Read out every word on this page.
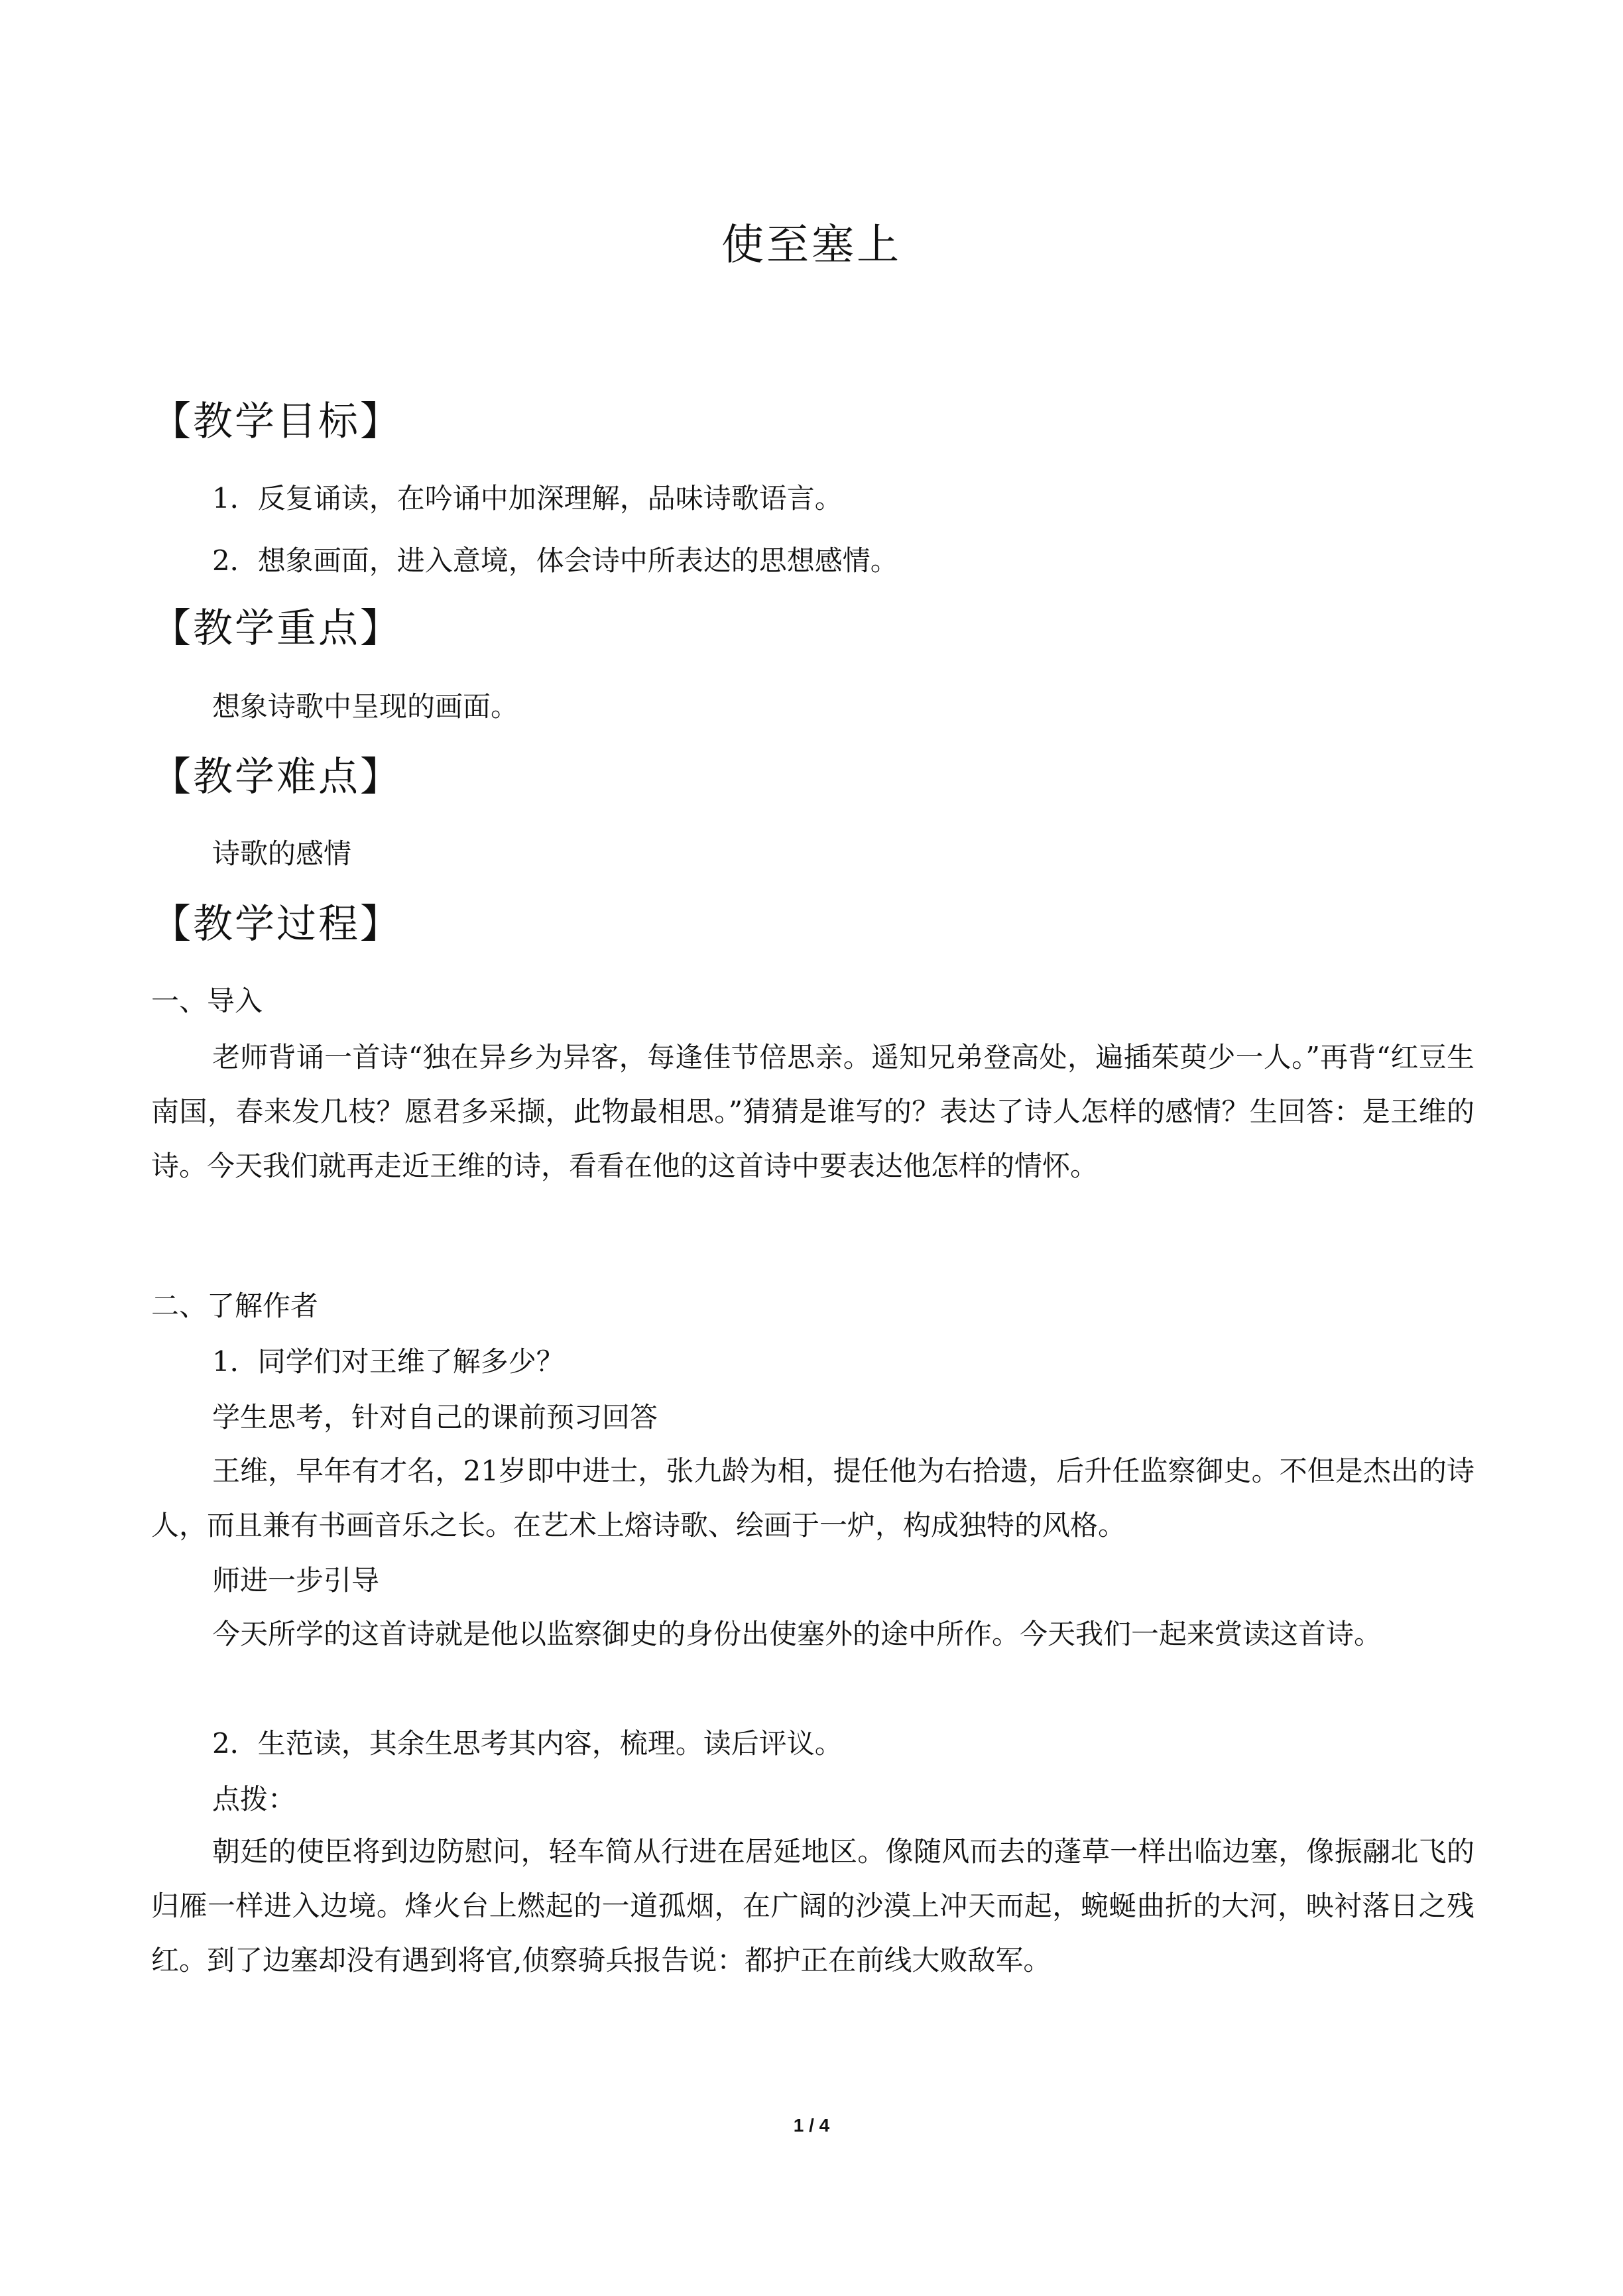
使至塞上
【教学目标】
1．反复诵读，在吟诵中加深理解，品味诗歌语言。
2．想象画面，进入意境，体会诗中所表达的思想感情。
【教学重点】
想象诗歌中呈现的画面。
【教学难点】
诗歌的感情
【教学过程】
一、导入
老师背诵一首诗“独在异乡为异客，每逢佳节倍思亲。遥知兄弟登高处，遍插茱萸少一人。”再背“红豆生南国，春来发几枝？愿君多采撷，此物最相思。”猜猜是谁写的？表达了诗人怎样的感情？生回答：是王维的诗。今天我们就再走近王维的诗，看看在他的这首诗中要表达他怎样的情怀。
二、了解作者
1．同学们对王维了解多少？
学生思考，针对自己的课前预习回答
王维，早年有才名，21岁即中进士，张九龄为相，提任他为右拾遗，后升任监察御史。不但是杰出的诗人，而且兼有书画音乐之长。在艺术上熔诗歌、绘画于一炉，构成独特的风格。
师进一步引导
今天所学的这首诗就是他以监察御史的身份出使塞外的途中所作。今天我们一起来赏读这首诗。
2．生范读，其余生思考其内容，梳理。读后评议。
点拨：
朝廷的使臣将到边防慰问，轻车简从行进在居延地区。像随风而去的蓬草一样出临边塞，像振翮北飞的归雁一样进入边境。烽火台上燃起的一道孤烟，在广阔的沙漠上冲天而起，蜿蜒曲折的大河，映衬落日之残红。到了边塞却没有遇到将官,侦察骑兵报告说：都护正在前线大败敌军。
1 / 4
